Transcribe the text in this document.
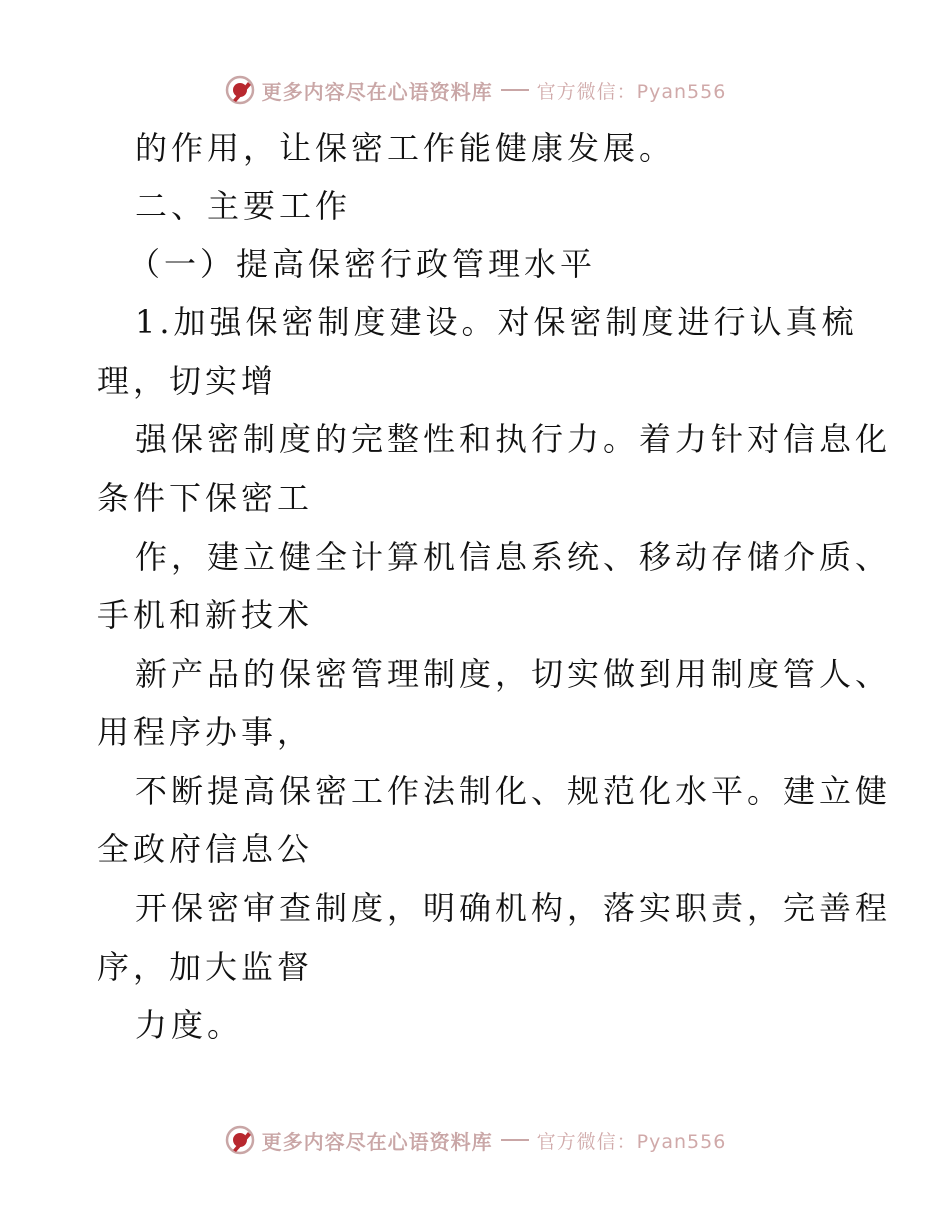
更多内容尽在心语资料库 官方微信：Pyan556
的作用，让保密工作能健康发展。
二、主要工作
（一）提高保密行政管理水平
1.加强保密制度建设。对保密制度进行认真梳
理，切实增
强保密制度的完整性和执行力。着力针对信息化
条件下保密工
作，建立健全计算机信息系统、移动存储介质、
手机和新技术
新产品的保密管理制度，切实做到用制度管人、
用程序办事，
不断提高保密工作法制化、规范化水平。建立健
全政府信息公
开保密审查制度，明确机构，落实职责，完善程
序，加大监督
力度。
更多内容尽在心语资料库 官方微信：Pyan556
